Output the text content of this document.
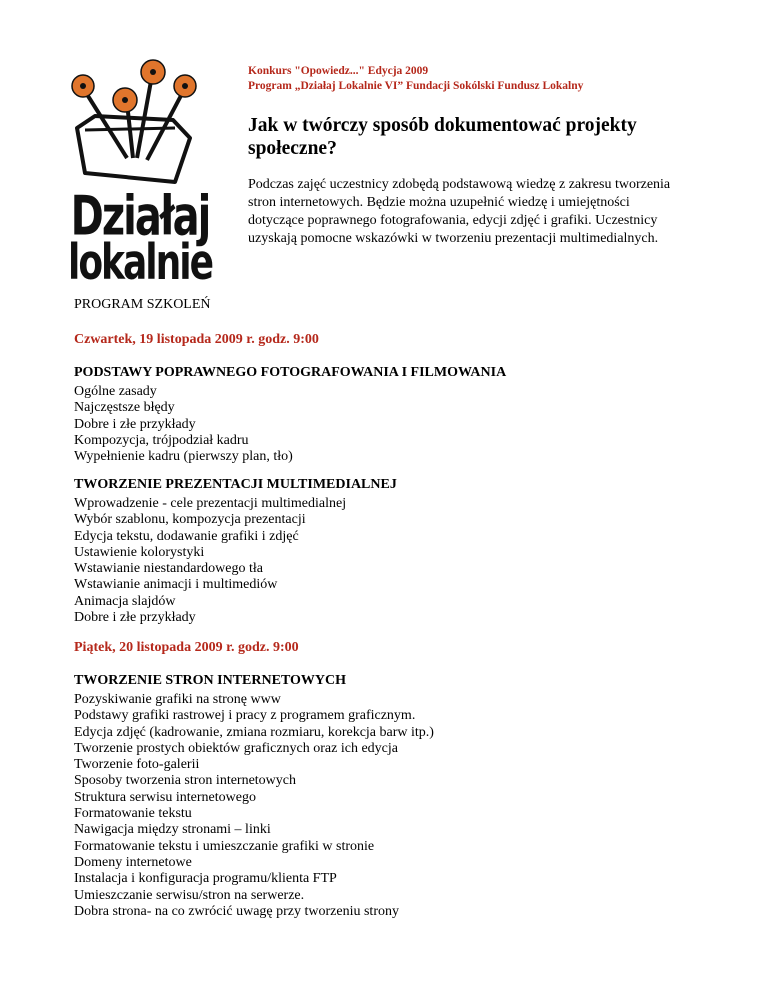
Działaj
lokalnie
Konkurs "Opowiedz..." Edycja 2009
Program „Działaj Lokalnie VI” Fundacji Sokólski Fundusz Lokalny
Jak w twórczy sposób dokumentować projekty społeczne?

Podczas zajęć uczestnicy zdobędą podstawową wiedzę z zakresu tworzenia stron internetowych. Będzie można uzupełnić wiedzę i umiejętności dotyczące poprawnego fotografowania, edycji zdjęć i grafiki. Uczestnicy uzyskają pomocne wskazówki w tworzeniu prezentacji multimedialnych.

PROGRAM SZKOLEŃ
Czwartek, 19 listopada 2009 r. godz. 9:00
PODSTAWY POPRAWNEGO FOTOGRAFOWANIA I FILMOWANIA
Ogólne zasady
Najczęstsze błędy
Dobre i złe przykłady
Kompozycja, trójpodział kadru
Wypełnienie kadru (pierwszy plan, tło)
TWORZENIE PREZENTACJI MULTIMEDIALNEJ
Wprowadzenie - cele prezentacji multimedialnej
Wybór szablonu, kompozycja prezentacji
Edycja tekstu, dodawanie grafiki i zdjęć
Ustawienie kolorystyki
Wstawianie niestandardowego tła
Wstawianie animacji i multimediów
Animacja slajdów
Dobre i złe przykłady
Piątek, 20 listopada 2009 r. godz. 9:00
TWORZENIE STRON INTERNETOWYCH
Pozyskiwanie grafiki na stronę www
Podstawy grafiki rastrowej i pracy z programem graficznym.
Edycja zdjęć (kadrowanie, zmiana rozmiaru, korekcja barw itp.)
Tworzenie prostych obiektów graficznych oraz ich edycja
Tworzenie foto-galerii
Sposoby tworzenia stron internetowych
Struktura serwisu internetowego
Formatowanie tekstu
Nawigacja między stronami – linki
Formatowanie tekstu i umieszczanie grafiki w stronie
Domeny internetowe
Instalacja i konfiguracja programu/klienta FTP
Umieszczanie serwisu/stron na serwerze.
Dobra strona- na co zwrócić uwagę przy tworzeniu strony
